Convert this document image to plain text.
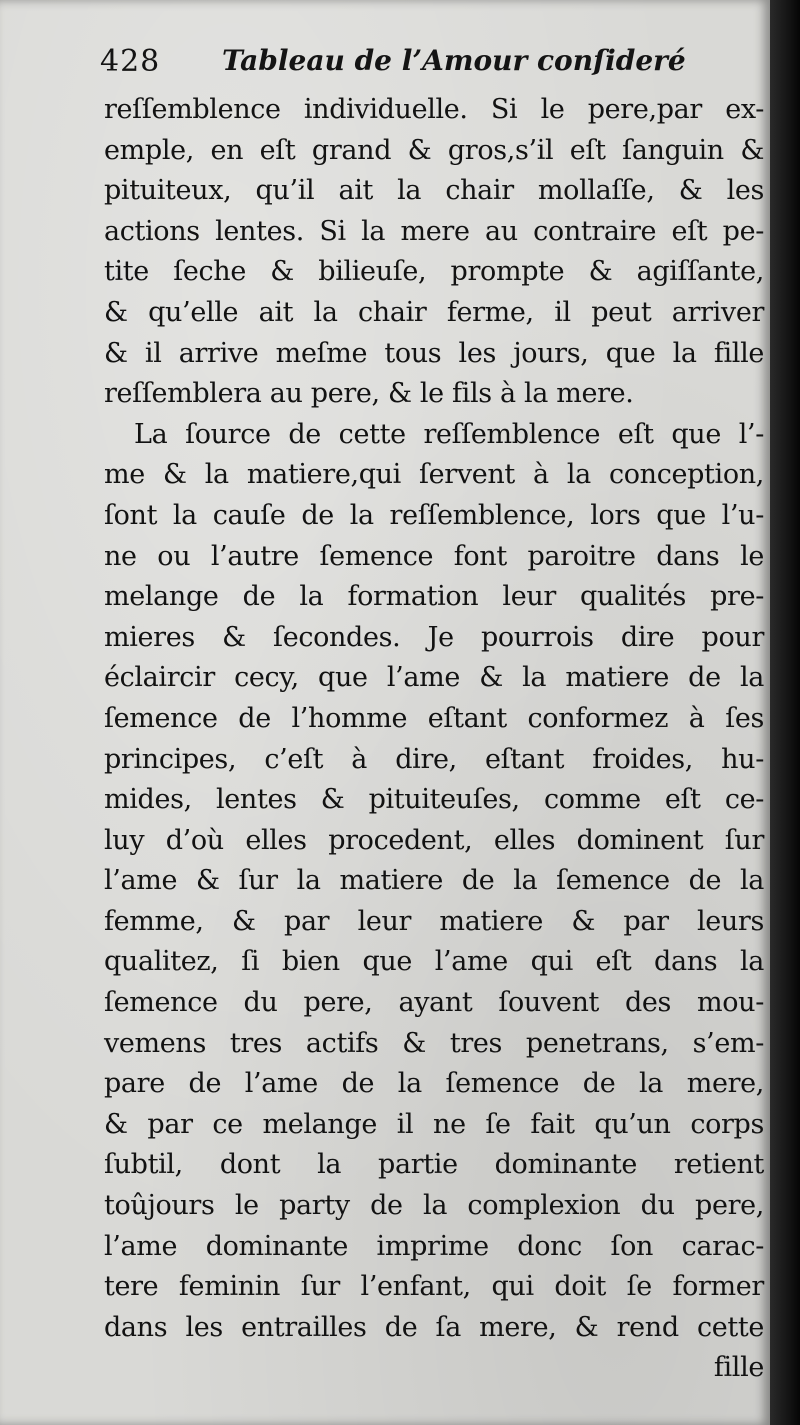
428 Tableau de l’Amour conſideré
reſſemblence individuelle. Si le pere,par ex-
emple, en eſt grand & gros,s’il eſt ſanguin &
pituiteux, qu’il ait la chair mollaſſe, & les
actions lentes. Si la mere au contraire eſt pe-
tite ſeche & bilieuſe, prompte & agiſſante,
& qu’elle ait la chair ferme, il peut arriver
& il arrive meſme tous les jours, que la fille
reſſemblera au pere, & le fils à la mere.
La ſource de cette reſſemblence eſt que l’-
me & la matiere,qui ſervent à la conception,
ſont la cauſe de la reſſemblence, lors que l’u-
ne ou l’autre ſemence font paroitre dans le
melange de la formation leur qualités pre-
mieres & ſecondes. Je pourrois dire pour
éclaircir cecy, que l’ame & la matiere de la
ſemence de l’homme eſtant conformez à ſes
principes, c’eſt à dire, eſtant froides, hu-
mides, lentes & pituiteuſes, comme eſt ce-
luy d’où elles procedent, elles dominent ſur
l’ame & ſur la matiere de la ſemence de la
femme, & par leur matiere & par leurs
qualitez, ſi bien que l’ame qui eſt dans la
ſemence du pere, ayant ſouvent des mou-
vemens tres actifs & tres penetrans, s’em-
pare de l’ame de la ſemence de la mere,
& par ce melange il ne ſe fait qu’un corps
ſubtil, dont la partie dominante retient
toûjours le party de la complexion du pere,
l’ame dominante imprime donc ſon carac-
tere feminin ſur l’enfant, qui doit ſe former
dans les entrailles de ſa mere, & rend cette
fille
